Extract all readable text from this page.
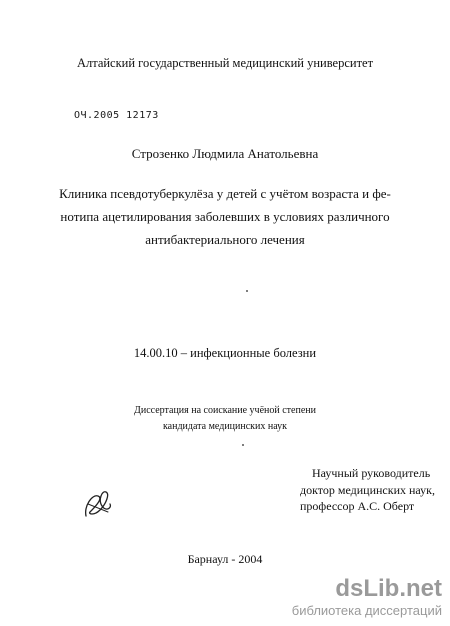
Алтайский государственный медицинский университет
ОЧ.2005 12173
Строзенко Людмила Анатольевна
Клиника псевдотуберкулёза у детей с учётом возраста и фе-
нотипа ацетилирования заболевших в условиях различного
антибактериального лечения
14.00.10 – инфекционные болезни
Диссертация на соискание учёной степени
кандидата медицинских наук
Научный руководитель
доктор медицинских наук,
профессор А.С. Оберт
Барнаул - 2004
dsLib.net
библиотека диссертаций
